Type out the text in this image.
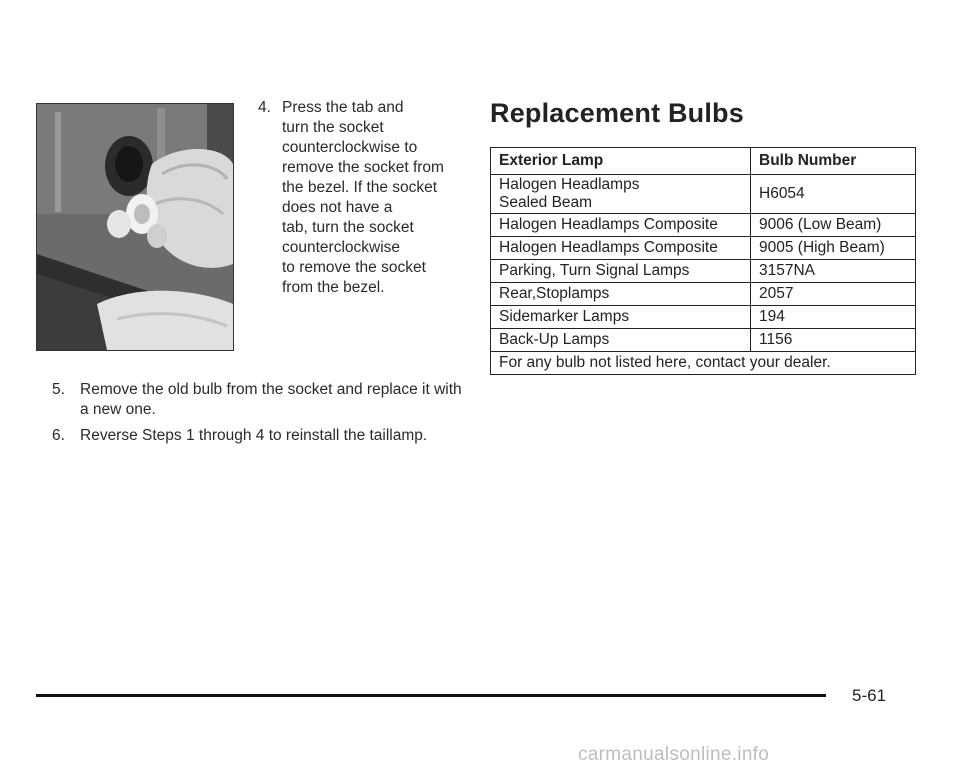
4. Press the tab and
turn the socket
counterclockwise to
remove the socket from
the bezel. If the socket
does not have a
tab, turn the socket
counterclockwise
to remove the socket
from the bezel.
5. Remove the old bulb from the socket and replace it with a new one.
6. Reverse Steps 1 through 4 to reinstall the taillamp.
Replacement Bulbs
Exterior Lamp	Bulb Number
Halogen Headlamps
Sealed Beam	H6054
Halogen Headlamps Composite	9006 (Low Beam)
Halogen Headlamps Composite	9005 (High Beam)
Parking, Turn Signal Lamps	3157NA
Rear,Stoplamps	2057
Sidemarker Lamps	194
Back-Up Lamps	1156
For any bulb not listed here, contact your dealer.	
5-61
carmanualsonline.info
